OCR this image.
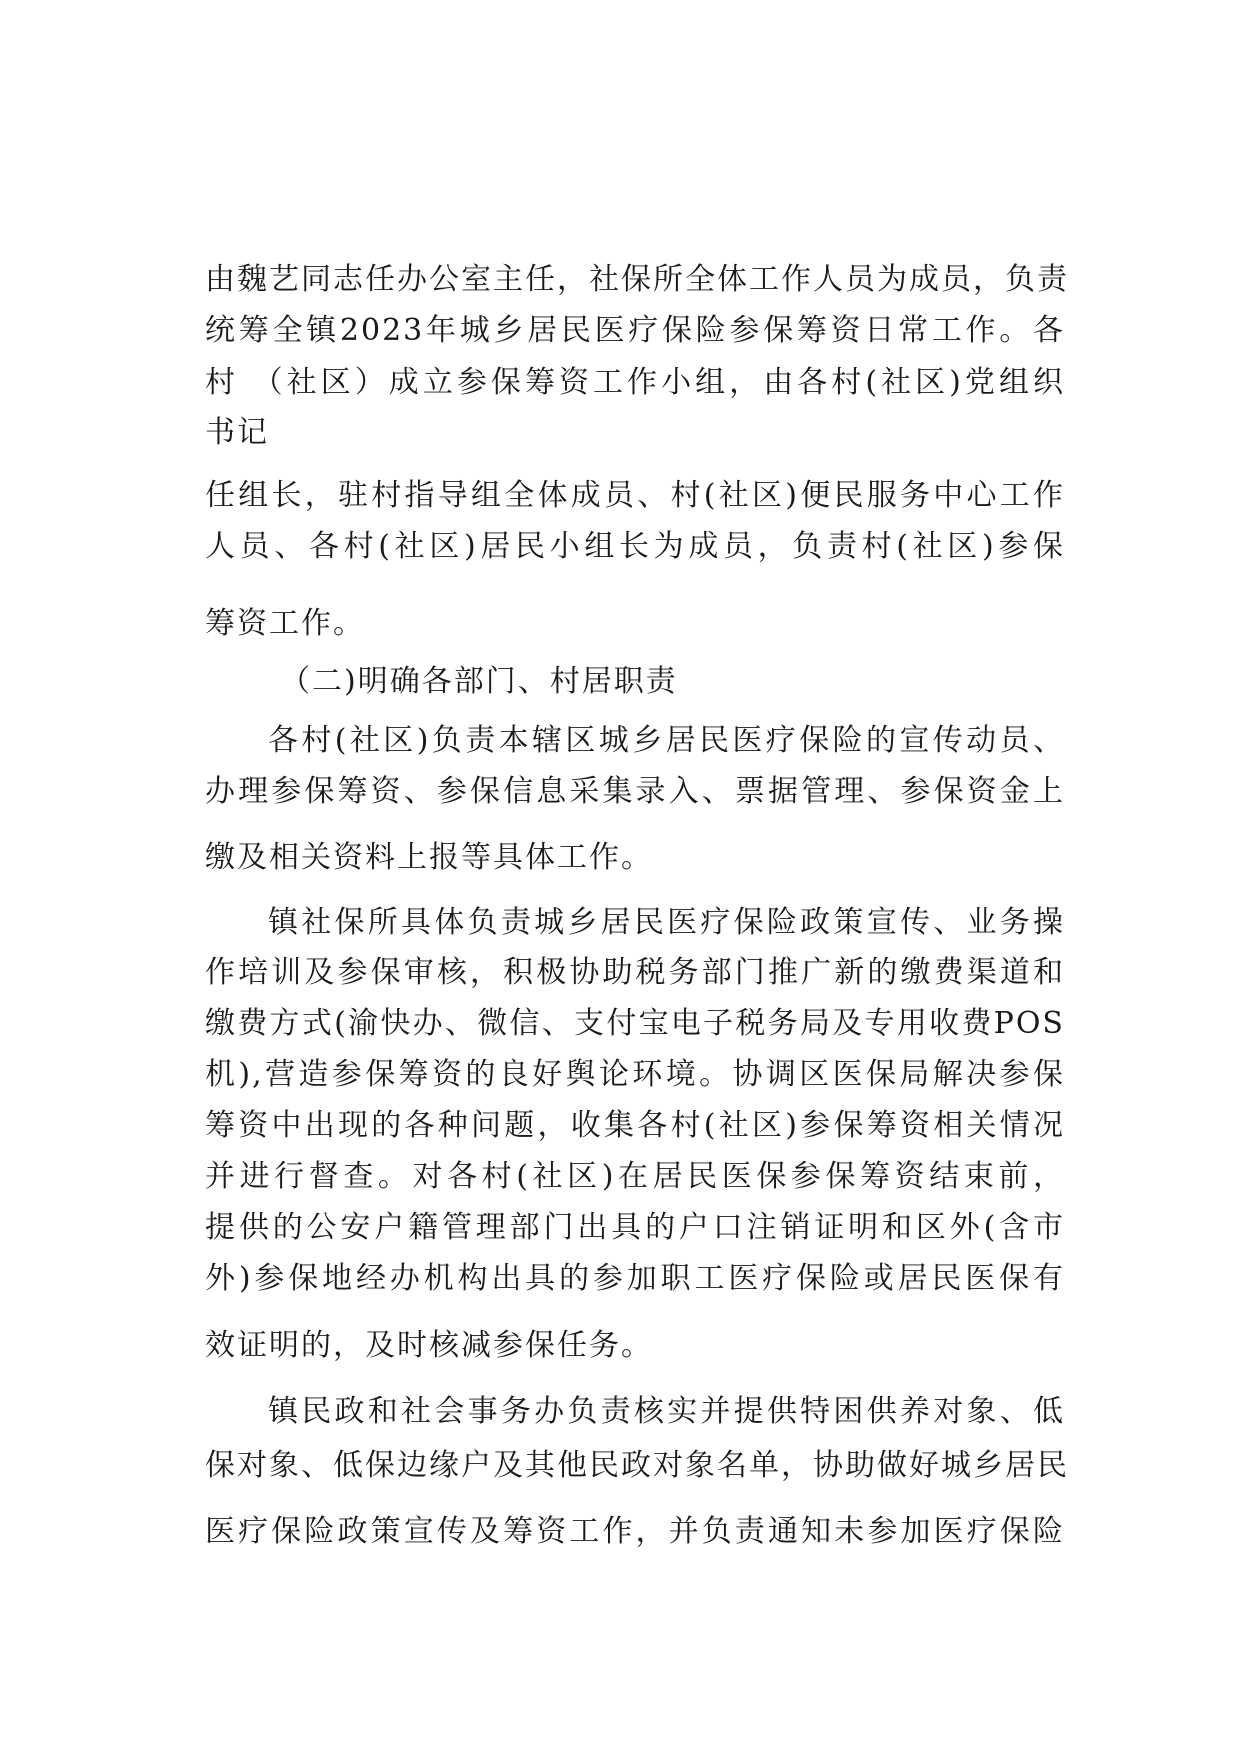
由魏艺同志任办公室主任，社保所全体工作人员为成员，负责
统筹全镇2023年城乡居民医疗保险参保筹资日常工作。各
村 （社区）成立参保筹资工作小组，由各村(社区)党组织
书记
任组长，驻村指导组全体成员、村(社区)便民服务中心工作
人员、各村(社区)居民小组长为成员，负责村(社区)参保
筹资工作。
（二)明确各部门、村居职责
各村(社区)负责本辖区城乡居民医疗保险的宣传动员、
办理参保筹资、参保信息采集录入、票据管理、参保资金上
缴及相关资料上报等具体工作。
镇社保所具体负责城乡居民医疗保险政策宣传、业务操
作培训及参保审核，积极协助税务部门推广新的缴费渠道和
缴费方式(渝快办、微信、支付宝电子税务局及专用收费POS
机),营造参保筹资的良好舆论环境。协调区医保局解决参保
筹资中出现的各种问题，收集各村(社区)参保筹资相关情况
并进行督查。对各村(社区)在居民医保参保筹资结束前，
提供的公安户籍管理部门出具的户口注销证明和区外(含市
外)参保地经办机构出具的参加职工医疗保险或居民医保有
效证明的，及时核减参保任务。
镇民政和社会事务办负责核实并提供特困供养对象、低
保对象、低保边缘户及其他民政对象名单，协助做好城乡居民
医疗保险政策宣传及筹资工作，并负责通知未参加医疗保险
